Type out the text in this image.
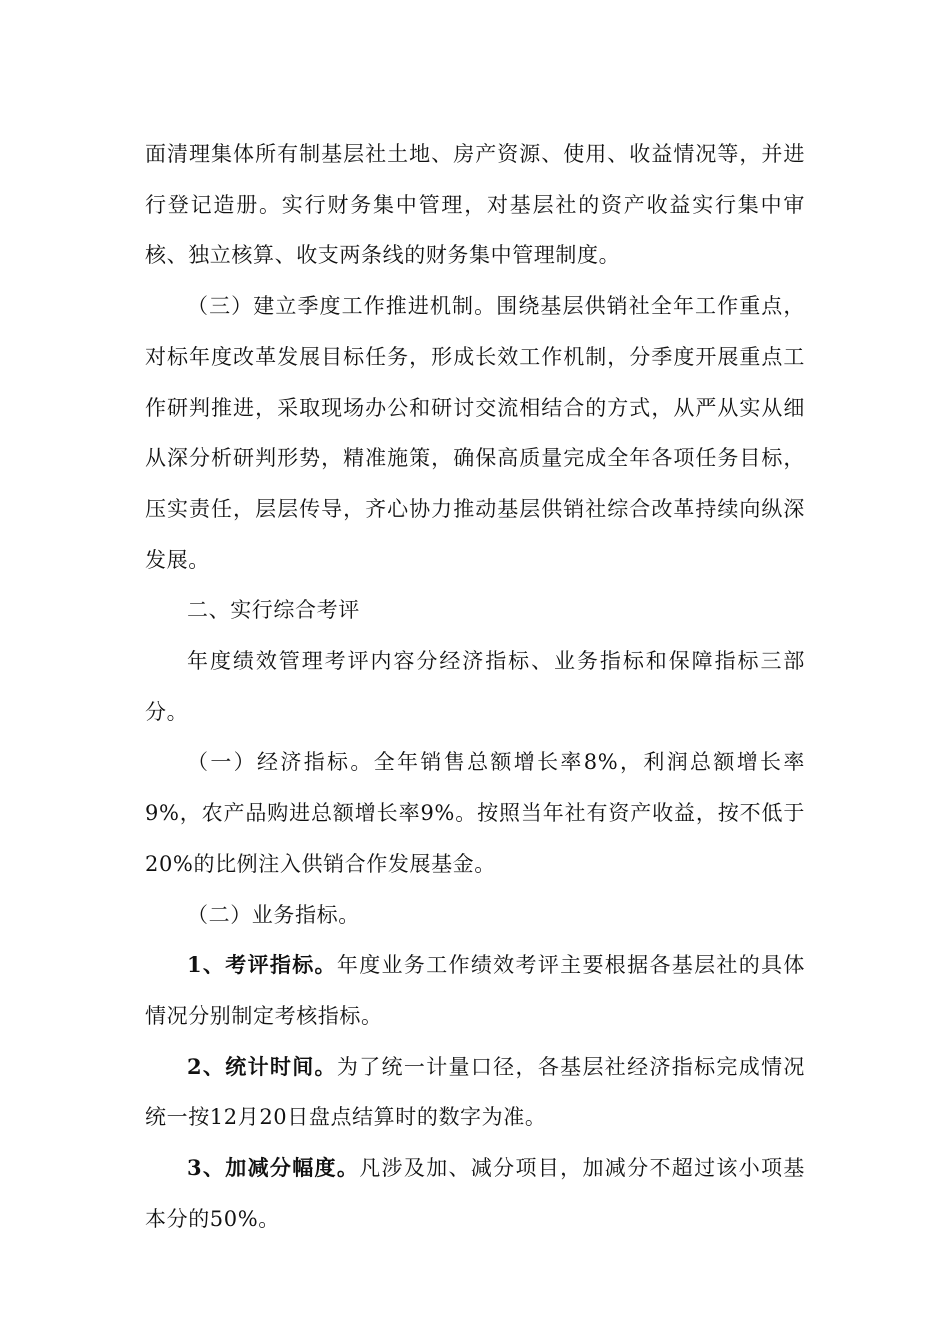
面清理集体所有制基层社土地、房产资源、使用、收益情况等，并进行登记造册。实行财务集中管理，对基层社的资产收益实行集中审核、独立核算、收支两条线的财务集中管理制度。

（三）建立季度工作推进机制。围绕基层供销社全年工作重点，对标年度改革发展目标任务，形成长效工作机制，分季度开展重点工作研判推进，采取现场办公和研讨交流相结合的方式，从严从实从细从深分析研判形势，精准施策，确保高质量完成全年各项任务目标，压实责任，层层传导，齐心协力推动基层供销社综合改革持续向纵深发展。

二、实行综合考评

年度绩效管理考评内容分经济指标、业务指标和保障指标三部分。

（一）经济指标。全年销售总额增长率8%，利润总额增长率9%，农产品购进总额增长率9%。按照当年社有资产收益，按不低于20%的比例注入供销合作发展基金。

（二）业务指标。

1、考评指标。年度业务工作绩效考评主要根据各基层社的具体情况分别制定考核指标。

2、统计时间。为了统一计量口径，各基层社经济指标完成情况统一按12月20日盘点结算时的数字为准。

3、加减分幅度。凡涉及加、减分项目，加减分不超过该小项基本分的50%。
